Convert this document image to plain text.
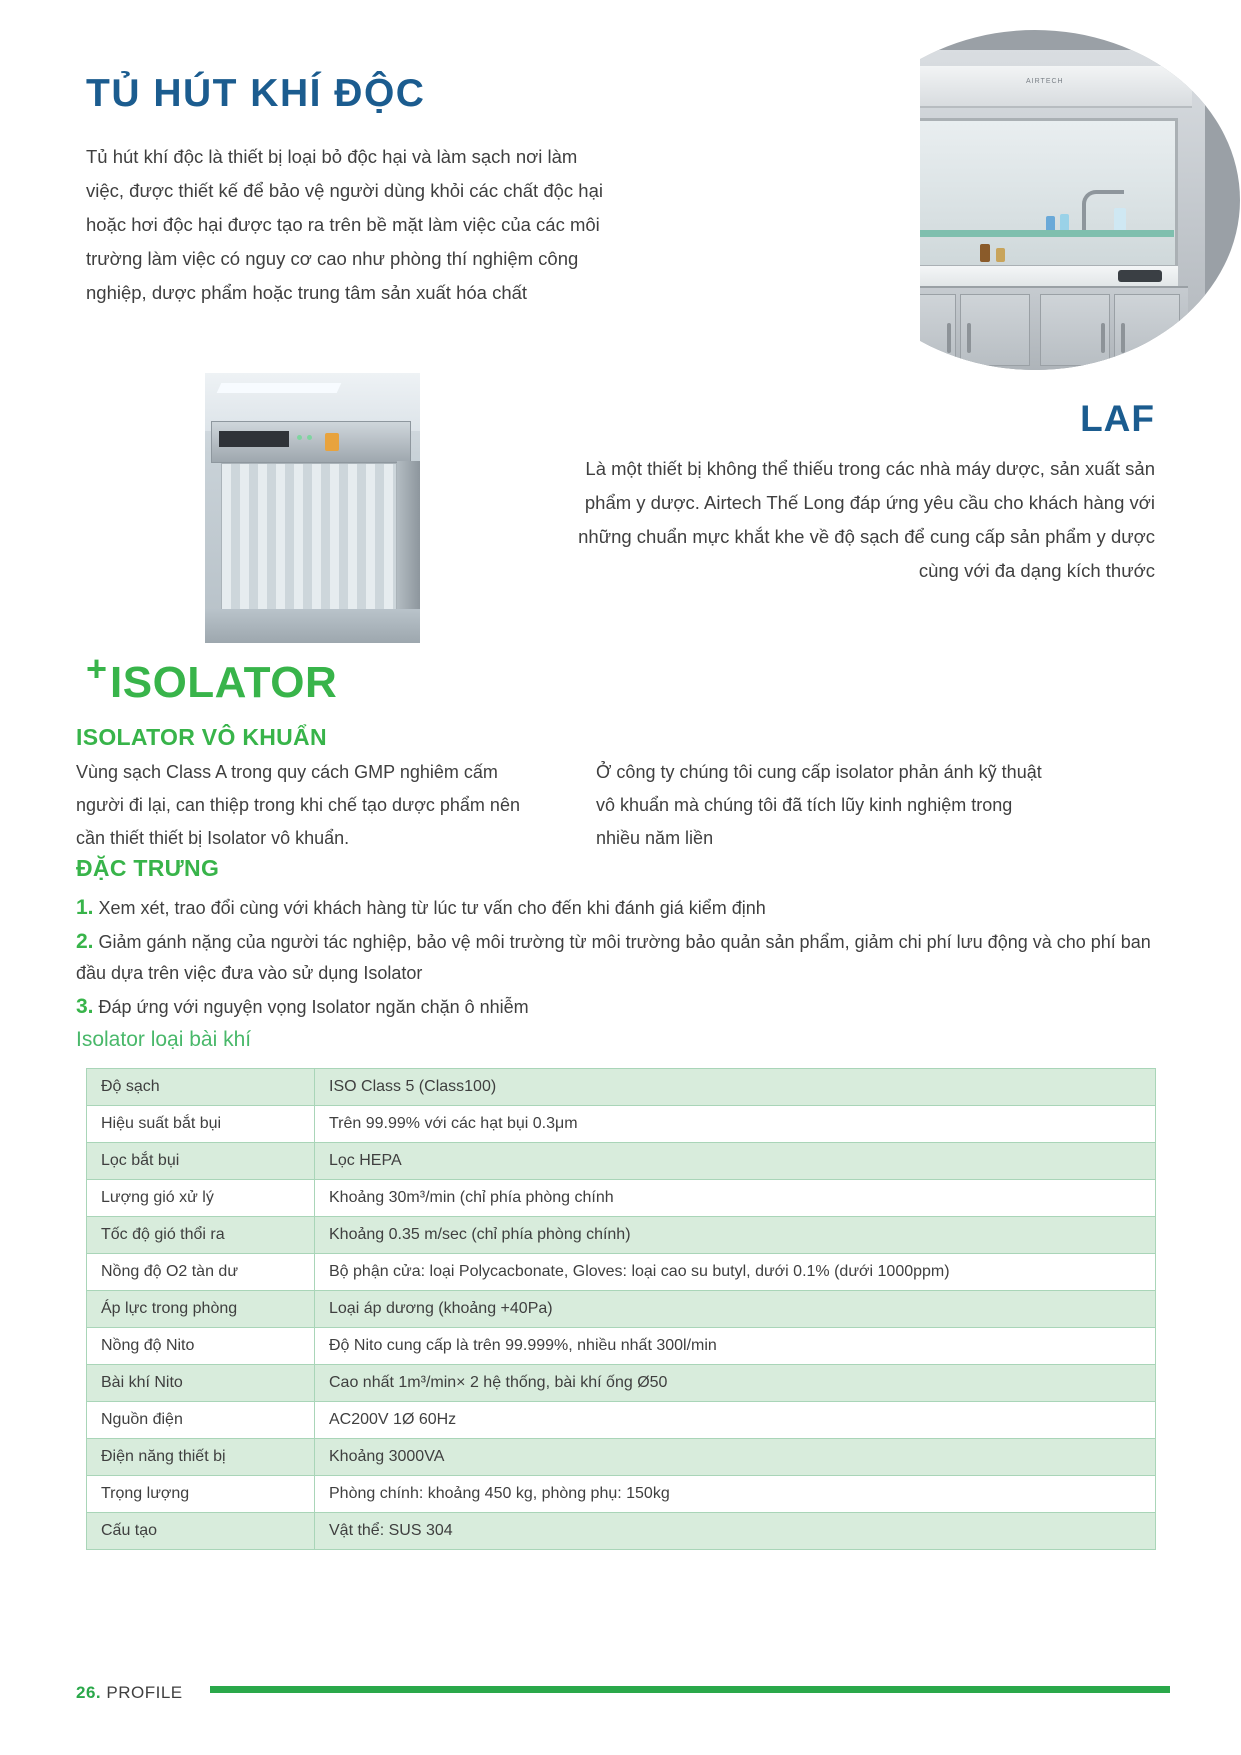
TỦ HÚT KHÍ ĐỘC
Tủ hút khí độc là thiết bị loại bỏ độc hại và làm sạch nơi làm việc, được thiết kế để bảo vệ người dùng khỏi các chất độc hại hoặc hơi độc hại được tạo ra trên bề mặt làm việc của các môi trường làm việc có nguy cơ cao như phòng thí nghiệm công nghiệp, dược phẩm hoặc trung tâm sản xuất hóa chất
AIRTECH
LAF
Là một thiết bị không thể thiếu trong các nhà máy dược, sản xuất sản phẩm y dược. Airtech Thế Long đáp ứng yêu cầu cho khách hàng với những chuẩn mực khắt khe về độ sạch để cung cấp sản phẩm y dược cùng với đa dạng kích thước
+ ISOLATOR
ISOLATOR VÔ KHUẨN
Vùng sạch Class A trong quy cách GMP nghiêm cấm người đi lại, can thiệp trong khi chế tạo dược phẩm nên cần thiết thiết bị Isolator vô khuẩn.
Ở công ty chúng tôi cung cấp isolator phản ánh kỹ thuật vô khuẩn mà chúng tôi đã tích lũy kinh nghiệm trong nhiều năm liền
ĐẶC TRƯNG
1. Xem xét, trao đổi cùng với khách hàng từ lúc tư vấn cho đến khi đánh giá kiểm định
2. Giảm gánh nặng của người tác nghiệp, bảo vệ môi trường từ môi trường bảo quản sản phẩm, giảm chi phí lưu động và cho phí ban đầu dựa trên việc đưa vào sử dụng Isolator
3. Đáp ứng với nguyện vọng Isolator ngăn chặn ô nhiễm
Isolator loại bài khí
Độ sạch	ISO Class 5 (Class100)
Hiệu suất bắt bụi	Trên 99.99% với các hạt bụi 0.3μm
Lọc bắt bụi	Lọc HEPA
Lượng gió xử lý	Khoảng 30m³/min (chỉ phía phòng chính
Tốc độ gió thổi ra	Khoảng 0.35 m/sec (chỉ phía phòng chính)
Nồng độ O2 tàn dư	Bộ phận cửa: loại Polycacbonate, Gloves: loại cao su butyl, dưới 0.1% (dưới 1000ppm)
Áp lực trong phòng	Loại áp dương (khoảng +40Pa)
Nồng độ Nito	Độ Nito cung cấp là trên 99.999%, nhiều nhất 300l/min
Bài khí Nito	Cao nhất 1m³/min× 2 hệ thống, bài khí ống Ø50
Nguồn điện	AC200V 1Ø 60Hz
Điện năng thiết bị	Khoảng 3000VA
Trọng lượng	Phòng chính: khoảng 450 kg, phòng phụ: 150kg
Cấu tạo	Vật thể: SUS 304
26. PROFILE
